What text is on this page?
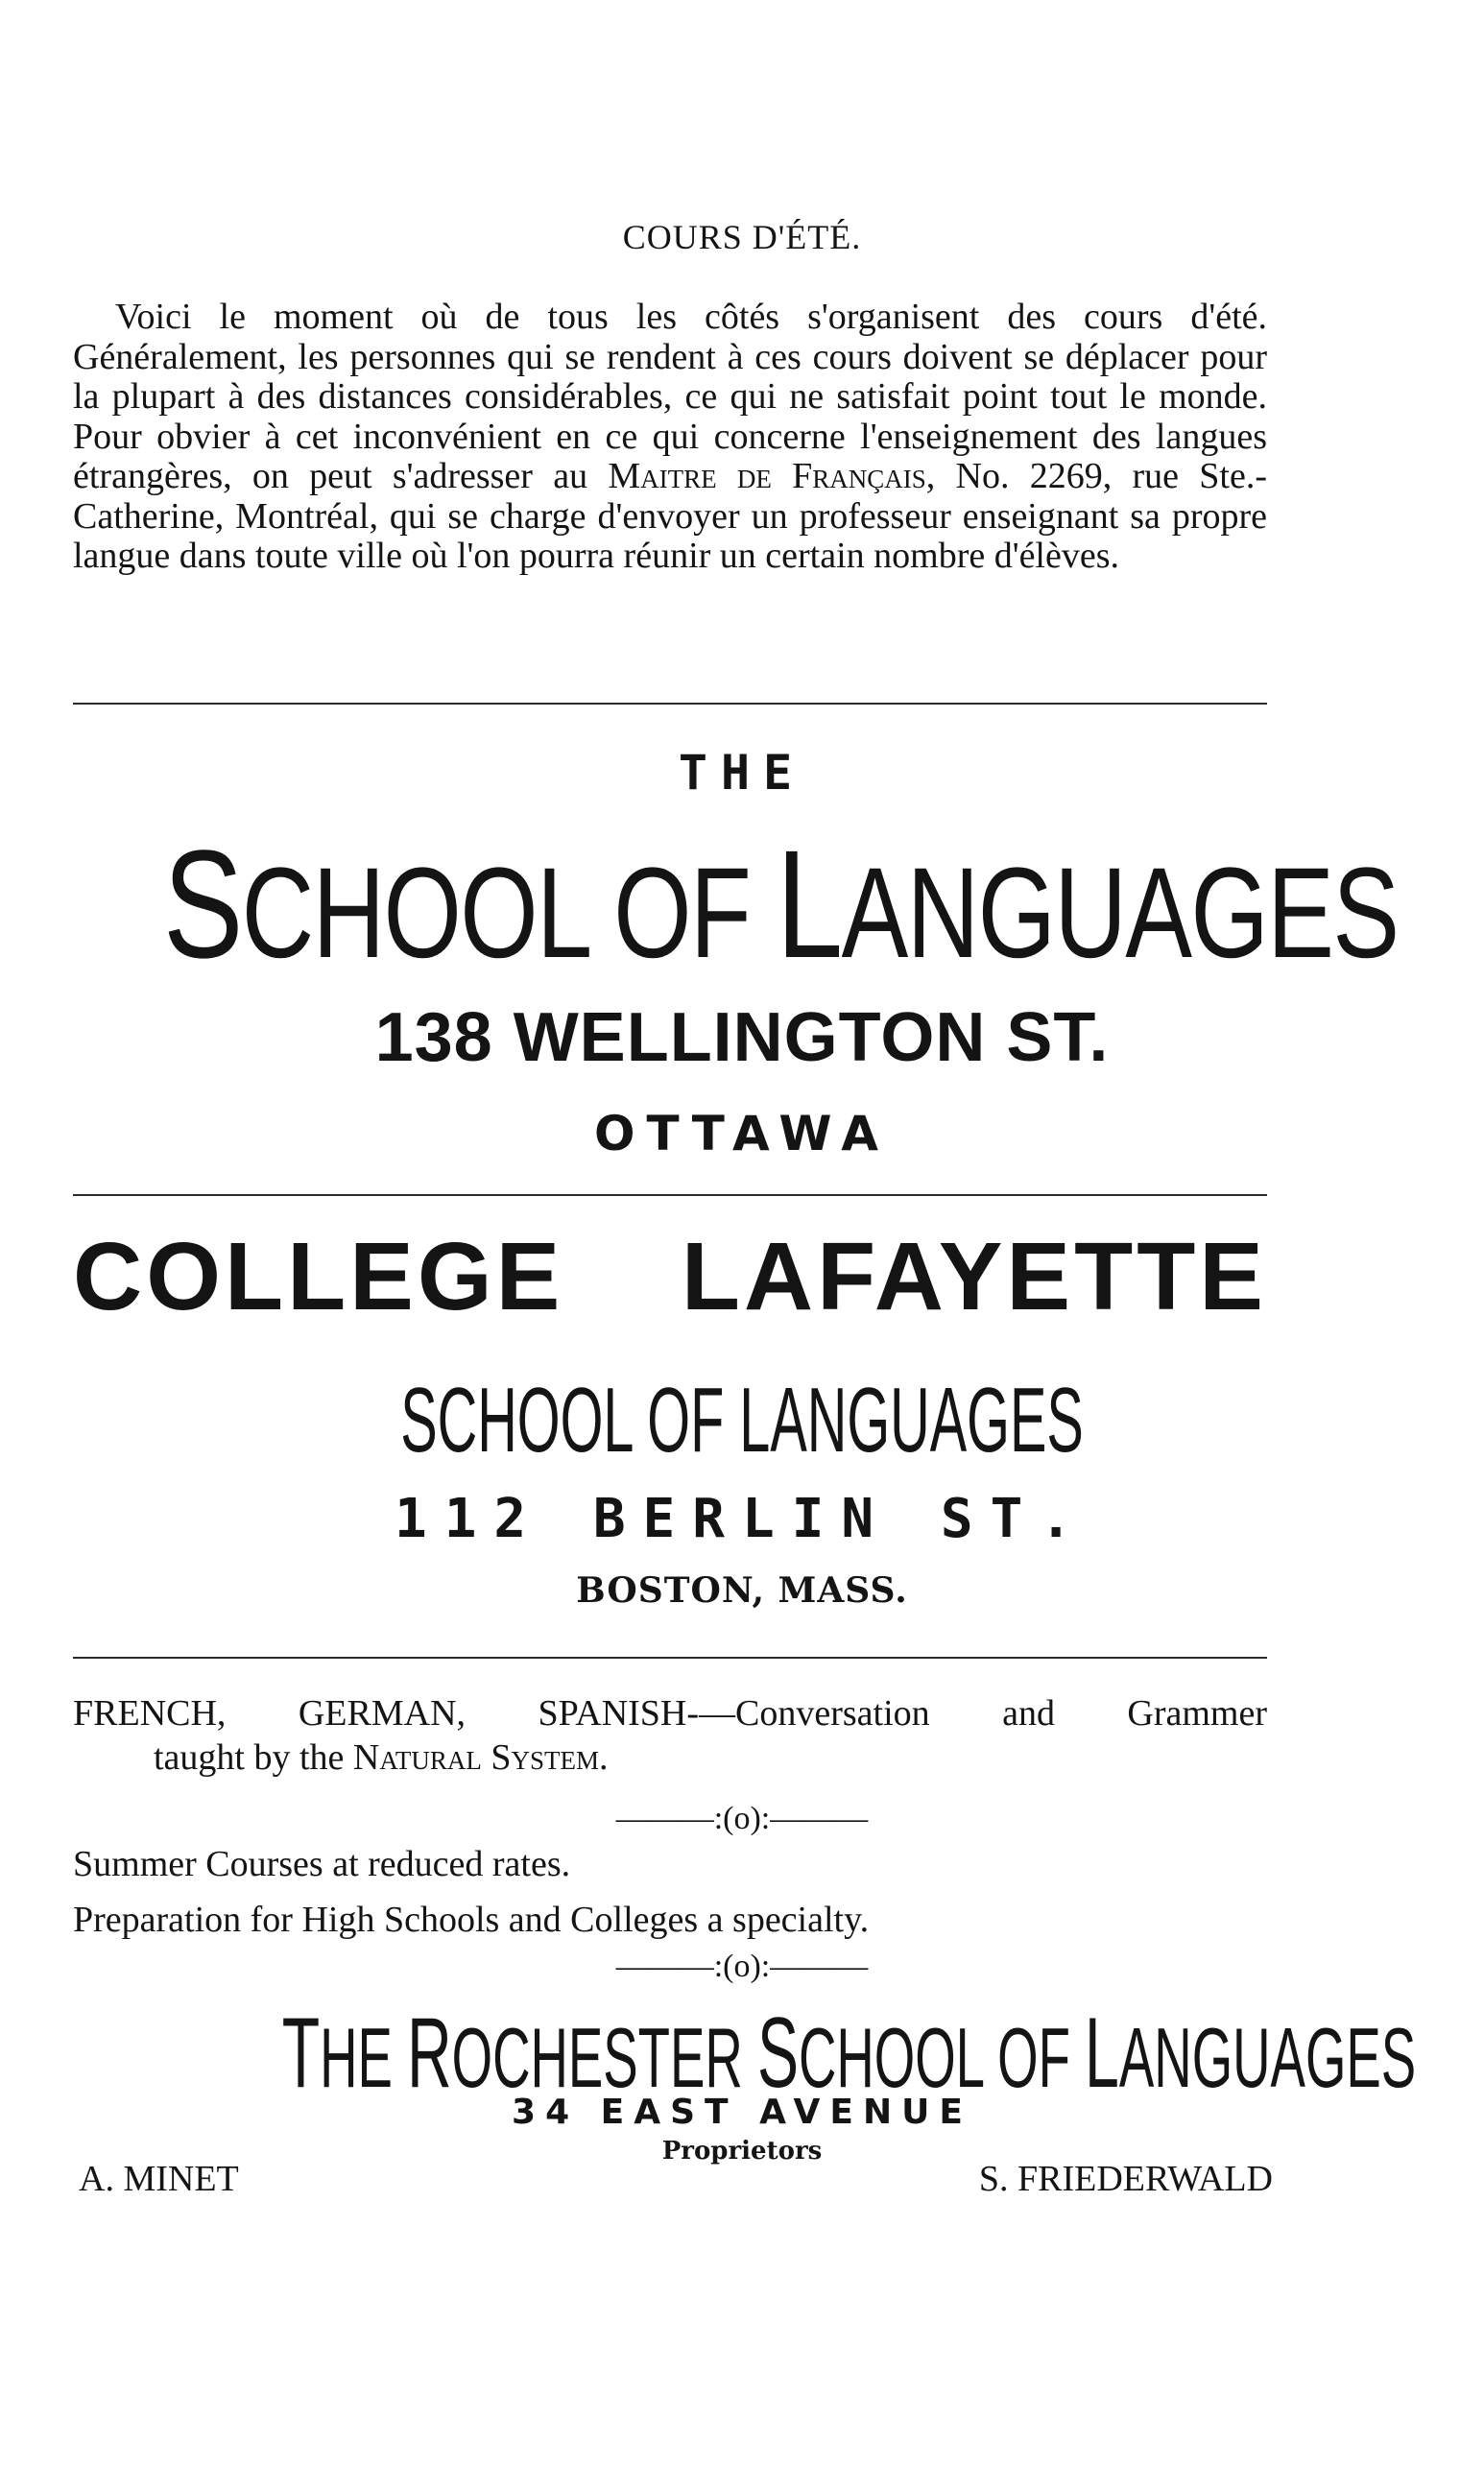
COURS D'ÉTÉ.
Voici le moment où de tous les côtés s'organisent des cours d'été. Généralement, les personnes qui se rendent à ces cours doivent se déplacer pour la plupart à des distances considérables, ce qui ne satisfait point tout le monde. Pour obvier à cet inconvénient en ce qui concerne l'enseignement des langues étrangères, on peut s'adresser au Maitre de Français, No. 2269, rue Ste.-Catherine, Montréal, qui se charge d'envoyer un professeur enseignant sa propre langue dans toute ville où l'on pourra réunir un certain nombre d'élèves.
THE
SCHOOL OF LANGUAGES
138 WELLINGTON ST.
OTTAWA
COLLEGE LAFAYETTE
SCHOOL OF LANGUAGES
112 BERLIN ST.
BOSTON, MASS.
FRENCH, GERMAN, SPANISH-—Conversation and Grammer
taught by the Natural System.
———:(o):———
Summer Courses at reduced rates.
Preparation for High Schools and Colleges a specialty.
———:(o):———
THE ROCHESTER SCHOOL OF LANGUAGES
34 EAST AVENUE
Proprietors
A. MINET	S. FRIEDERWALD
